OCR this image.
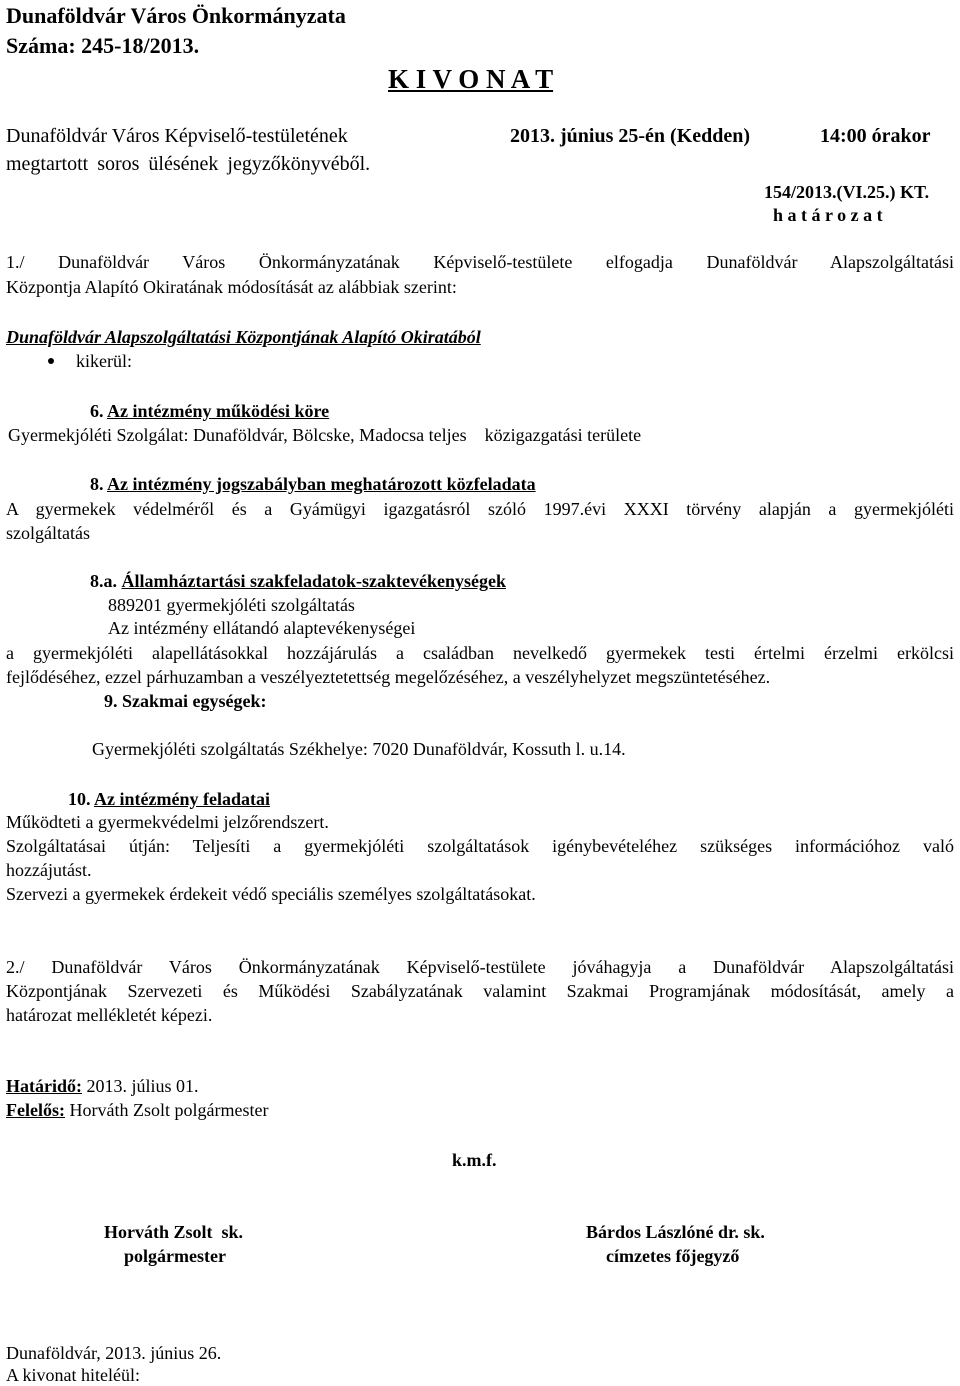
Dunaföldvár Város Önkormányzata
Száma: 245-18/2013.
K I V O N A T
Dunaföldvár Város Képviselő-testületének	2013. június 25-én (Kedden)	14:00 órakor
megtartott soros ülésének jegyzőkönyvéből.
154/2013.(VI.25.) KT.
h a t á r o z a t
1./ Dunaföldvár Város Önkormányzatának Képviselő-testülete elfogadja Dunaföldvár Alapszolgáltatási
Központja Alapító Okiratának módosítását az alábbiak szerint:
Dunaföldvár Alapszolgáltatási Központjának Alapító Okiratából
kikerül:
6. Az intézmény működési köre
Gyermekjóléti Szolgálat: Dunaföldvár, Bölcske, Madocsa teljes    közigazgatási területe
8. Az intézmény jogszabályban meghatározott közfeladata
A gyermekek védelméről és a Gyámügyi igazgatásról szóló 1997.évi XXXI törvény alapján a gyermekjóléti
szolgáltatás
8.a. Államháztartási szakfeladatok-szaktevékenységek
889201 gyermekjóléti szolgáltatás
Az intézmény ellátandó alaptevékenységei
a gyermekjóléti alapellátásokkal hozzájárulás a családban nevelkedő gyermekek testi értelmi érzelmi erkölcsi
fejlődéséhez, ezzel párhuzamban a veszélyeztetettség megelőzéséhez, a veszélyhelyzet megszüntetéséhez.
9. Szakmai egységek:
Gyermekjóléti szolgáltatás Székhelye: 7020 Dunaföldvár, Kossuth l. u.14.
10. Az intézmény feladatai
Működteti a gyermekvédelmi jelzőrendszert.
Szolgáltatásai útján: Teljesíti a gyermekjóléti szolgáltatások igénybevételéhez szükséges információhoz való
hozzájutást.
Szervezi a gyermekek érdekeit védő speciális személyes szolgáltatásokat.
2./ Dunaföldvár Város Önkormányzatának Képviselő-testülete jóváhagyja a Dunaföldvár Alapszolgáltatási
Központjának Szervezeti és Működési Szabályzatának valamint Szakmai Programjának módosítását, amely a
határozat mellékletét képezi.
Határidő: 2013. július 01.
Felelős: Horváth Zsolt polgármester
k.m.f.
Horváth Zsolt  sk.
polgármester
Bárdos Lászlóné dr. sk.
címzetes főjegyző
Dunaföldvár, 2013. június 26.
A kivonat hiteléül:
